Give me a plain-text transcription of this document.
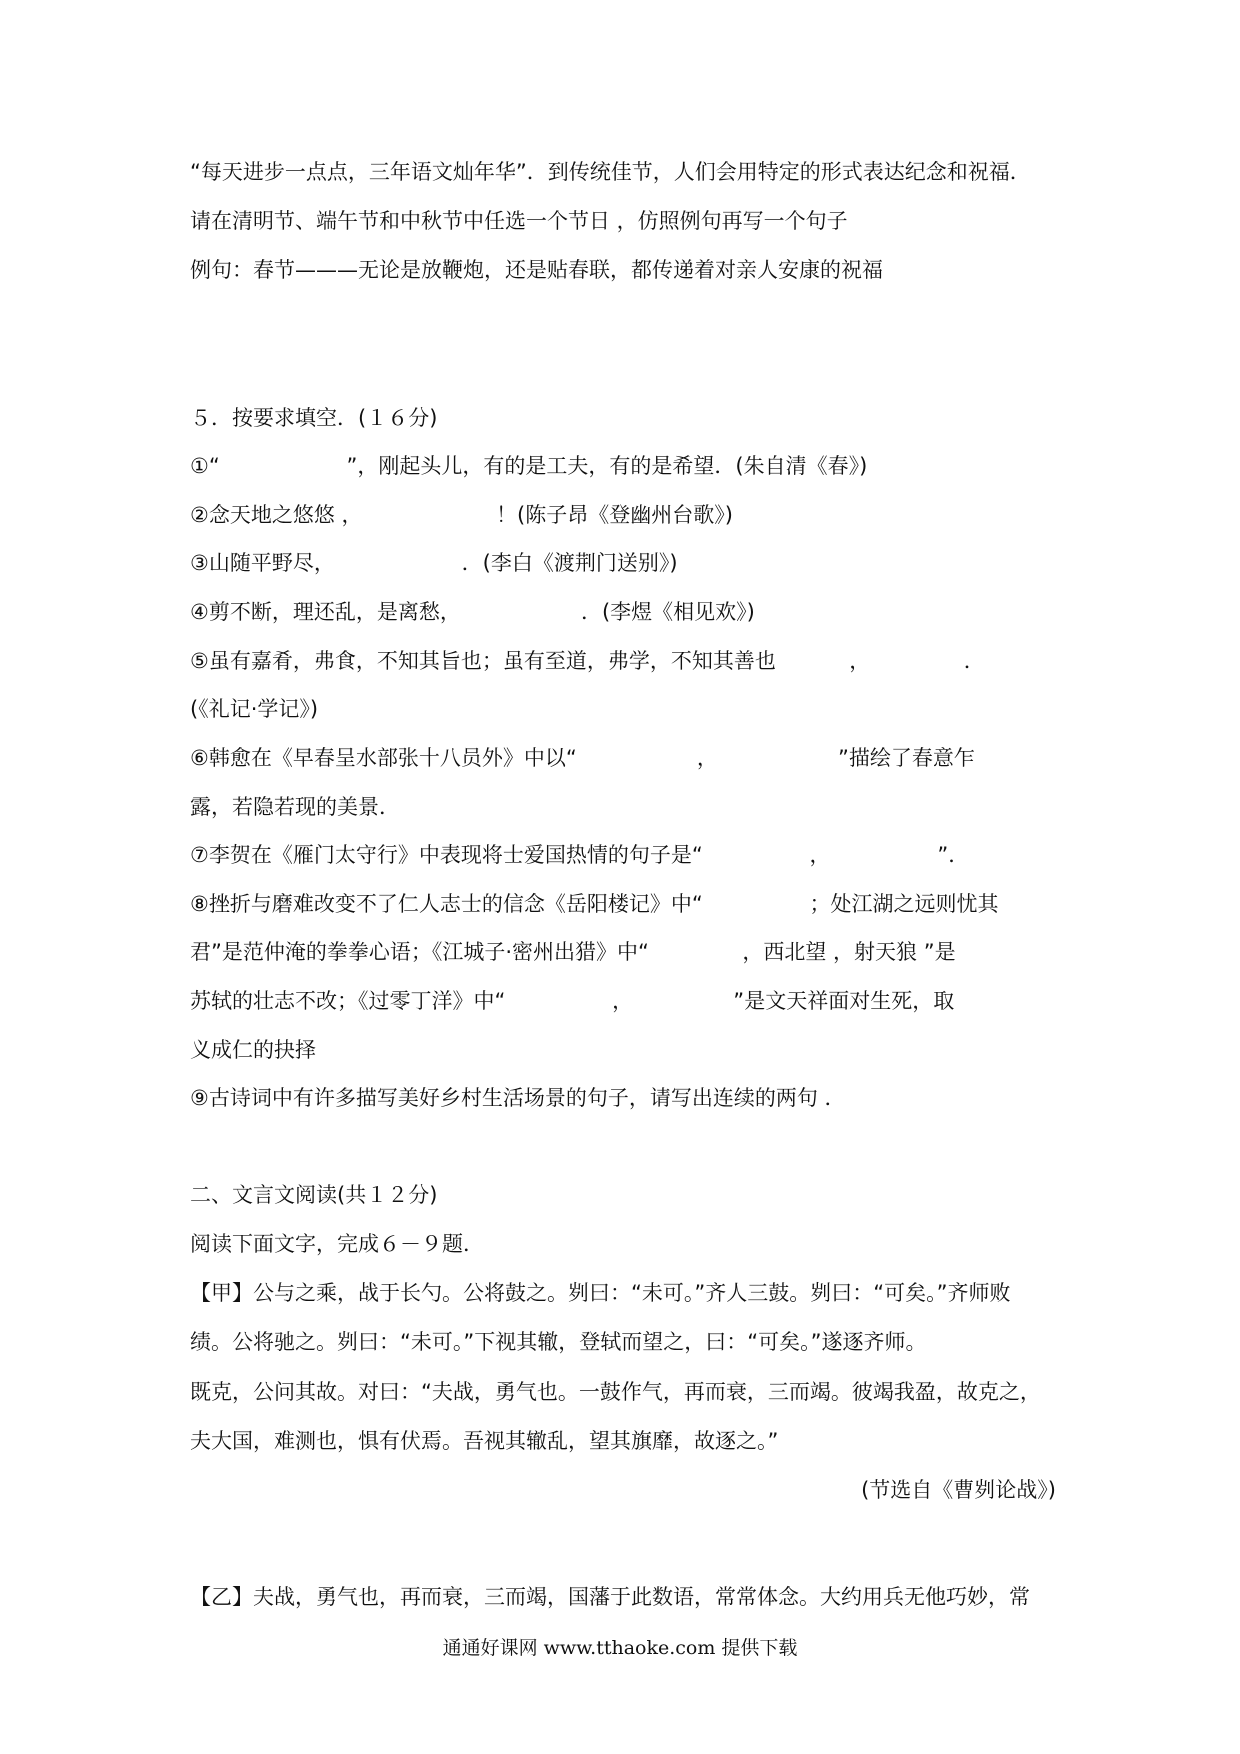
“每天进步一点点，三年语文灿年华”．到传统佳节，人们会用特定的形式表达纪念和祝福．
请在清明节、端午节和中秋节中任选一个节日 ，仿照例句再写一个句子
例句：春节———无论是放鞭炮，还是贴春联，都传递着对亲人安康的祝福
５．按要求填空．(１６分)
①“                   ”，刚起头儿，有的是工夫，有的是希望．(朱自清《春》)
②念天地之悠悠 ，                    ！(陈子昂《登幽州台歌》)
③山随平野尽，                   ．(李白《渡荆门送别》)
④剪不断，理还乱，是离愁，                  ．(李煜《相见欢》)
⑤虽有嘉肴，弗食，不知其旨也；虽有至道，弗学，不知其善也           ，              ．
(《礼记·学记》)
⑥韩愈在《早春呈水部张十八员外》中以“                  ，                  ”描绘了春意乍
露，若隐若现的美景．
⑦李贺在《雁门太守行》中表现将士爱国热情的句子是“                ，                ”．
⑧挫折与磨难改变不了仁人志士的信念《岳阳楼记》中“                ；处江湖之远则忧其
君”是范仲淹的拳拳心语；《江城子·密州出猎》中“              ，西北望 ，射天狼 ”是
苏轼的壮志不改；《过零丁洋》中“                ，               ”是文天祥面对生死，取
义成仁的抉择
⑨古诗词中有许多描写美好乡村生活场景的句子，请写出连续的两句 ．
二、文言文阅读(共１２分)
阅读下面文字，完成６－９题．
【甲】公与之乘，战于长勺。公将鼓之。刿曰：“未可。”齐人三鼓。刿曰：“可矣。”齐师败
绩。公将驰之。刿曰：“未可。”下视其辙，登轼而望之，曰：“可矣。”遂逐齐师。
既克，公问其故。对曰：“夫战，勇气也。一鼓作气，再而衰，三而竭。彼竭我盈，故克之，
夫大国，难测也，惧有伏焉。吾视其辙乱，望其旗靡，故逐之。”
(节选自《曹刿论战》)
【乙】夫战，勇气也，再而衰，三而竭，国藩于此数语，常常体念。大约用兵无他巧妙，常
通通好课网 www.tthaoke.com 提供下载
